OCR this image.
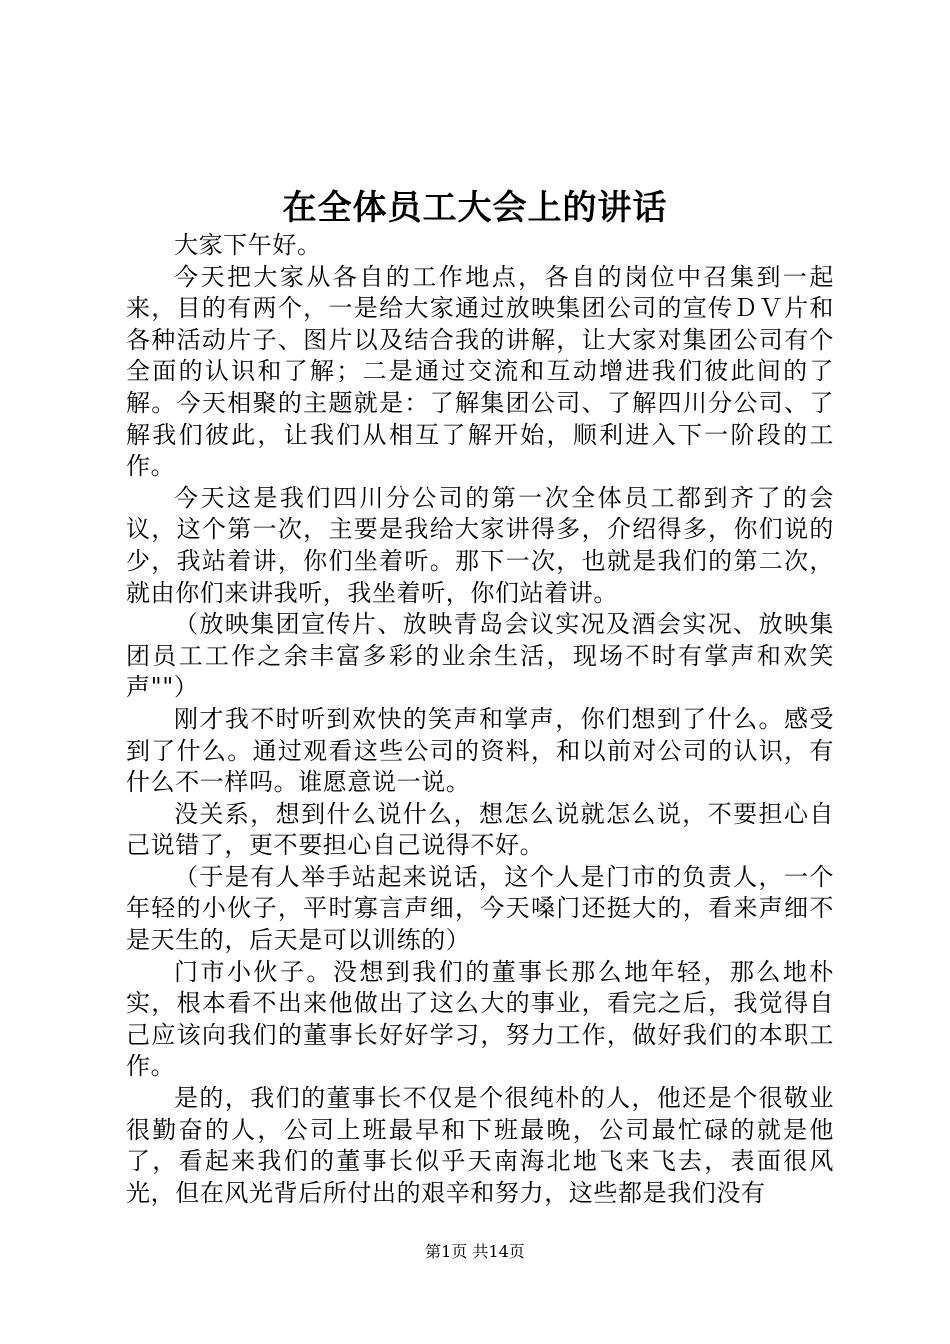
在全体员工大会上的讲话

大家下午好。

今天把大家从各自的工作地点，各自的岗位中召集到一起来，目的有两个，一是给大家通过放映集团公司的宣传ＤＶ片和各种活动片子、图片以及结合我的讲解，让大家对集团公司有个全面的认识和了解；二是通过交流和互动增进我们彼此间的了解。今天相聚的主题就是：了解集团公司、了解四川分公司、了解我们彼此，让我们从相互了解开始，顺利进入下一阶段的工作。

今天这是我们四川分公司的第一次全体员工都到齐了的会议，这个第一次，主要是我给大家讲得多，介绍得多，你们说的少，我站着讲，你们坐着听。那下一次，也就是我们的第二次，就由你们来讲我听，我坐着听，你们站着讲。

（放映集团宣传片、放映青岛会议实况及酒会实况、放映集团员工工作之余丰富多彩的业余生活，现场不时有掌声和欢笑声""）

刚才我不时听到欢快的笑声和掌声，你们想到了什么。感受到了什么。通过观看这些公司的资料，和以前对公司的认识，有什么不一样吗。谁愿意说一说。

没关系，想到什么说什么，想怎么说就怎么说，不要担心自己说错了，更不要担心自己说得不好。

（于是有人举手站起来说话，这个人是门市的负责人，一个年轻的小伙子，平时寡言声细，今天嗓门还挺大的，看来声细不是天生的，后天是可以训练的）

门市小伙子。没想到我们的董事长那么地年轻，那么地朴实，根本看不出来他做出了这么大的事业，看完之后，我觉得自己应该向我们的董事长好好学习，努力工作，做好我们的本职工作。

是的，我们的董事长不仅是个很纯朴的人，他还是个很敬业很勤奋的人，公司上班最早和下班最晚，公司最忙碌的就是他了，看起来我们的董事长似乎天南海北地飞来飞去，表面很风光，但在风光背后所付出的艰辛和努力，这些都是我们没有

第1页 共14页
